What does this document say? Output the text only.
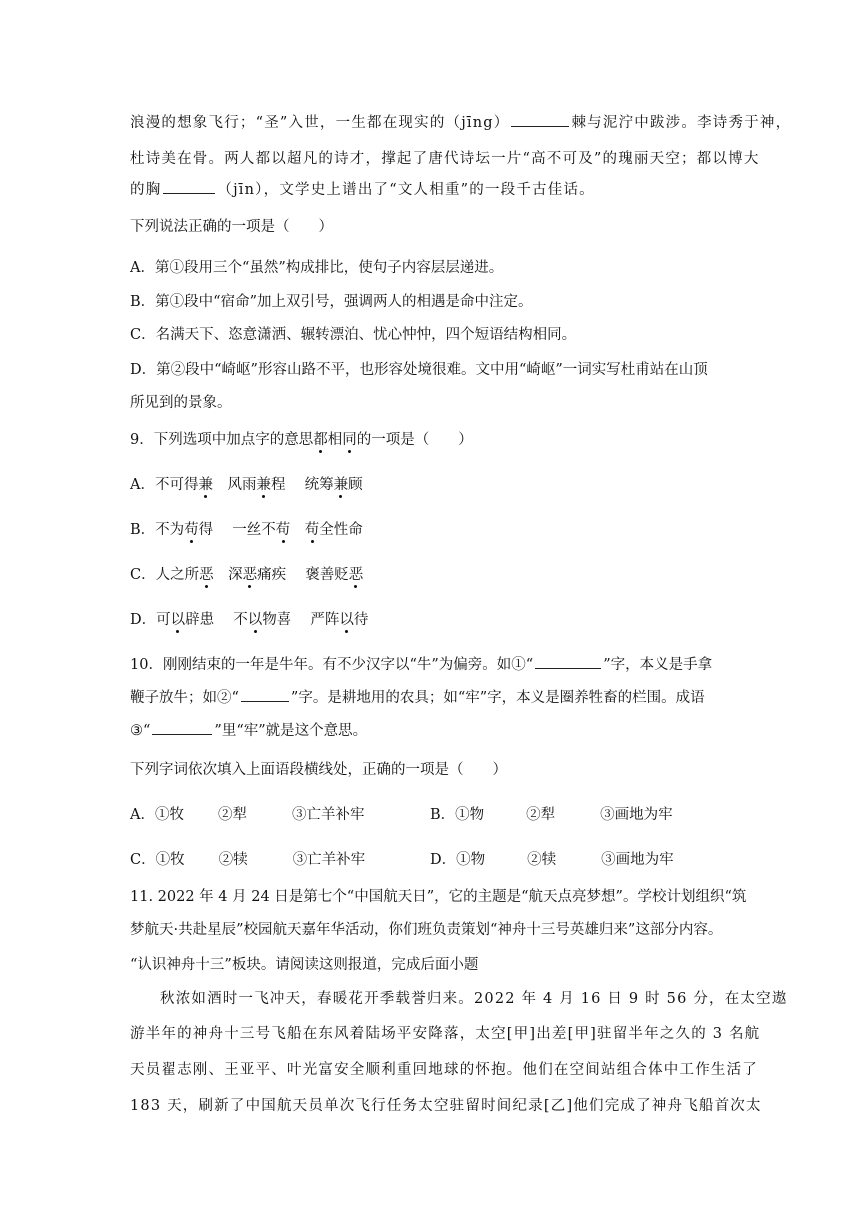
浪漫的想象飞行；“圣”入世，一生都在现实的（jīng）	棘与泥泞中跋涉。李诗秀于神，
杜诗美在骨。两人都以超凡的诗才，撑起了唐代诗坛一片“高不可及”的瑰丽天空；都以博大
的胸	（jīn），文学史上谱出了“文人相重”的一段千古佳话。
下列说法正确的一项是（　　）
A．第①段用三个“虽然”构成排比，使句子内容层层递进。
B．第①段中“宿命”加上双引号，强调两人的相遇是命中注定。
C．名满天下、恣意潇洒、辗转漂泊、忧心忡忡，四个短语结构相同。
D．第②段中“崎岖”形容山路不平，也形容处境很难。文中用“崎岖”一词实写杜甫站在山顶
所见到的景象。
9．下列选项中加点字的意思都相同的一项是（　　）
A．不可得兼　风雨兼程　 统筹兼顾
B．不为苟得　 一丝不苟　 苟全性命
C．人之所恶　深恶痛疾　 褒善贬恶
D．可以辟患　 不以物喜　 严阵以待
10．刚刚结束的一年是牛年。有不少汉字以“牛”为偏旁。如①“	”字，本义是手拿
鞭子放牛；如②“	”字。是耕地用的农具；如“牢”字，本义是圈养牲畜的栏围。成语
③“	”里“牢”就是这个意思。
下列字词依次填入上面语段横线处，正确的一项是（　　）
A．①牧 ②犁	③亡羊补牢	B．①物	②犁	③画地为牢
C．①牧 ②犊	③亡羊补牢	D．①物	②犊	③画地为牢
11. 2022 年 4 月 24 日是第七个“中国航天日”，它的主题是“航天点亮梦想”。学校计划组织“筑
梦航天·共赴星辰”校园航天嘉年华活动，你们班负责策划“神舟十三号英雄归来”这部分内容。
“认识神舟十三”板块。请阅读这则报道，完成后面小题
秋浓如酒时一飞冲天，春暖花开季载誉归来。2022 年 4 月 16 日 9 时 56 分，在太空遨
游半年的神舟十三号飞船在东风着陆场平安降落，太空[甲]出差[甲]驻留半年之久的 3 名航
天员翟志刚、王亚平、叶光富安全顺利重回地球的怀抱。他们在空间站组合体中工作生活了
183 天，刷新了中国航天员单次飞行任务太空驻留时间纪录[乙]他们完成了神舟飞船首次太
